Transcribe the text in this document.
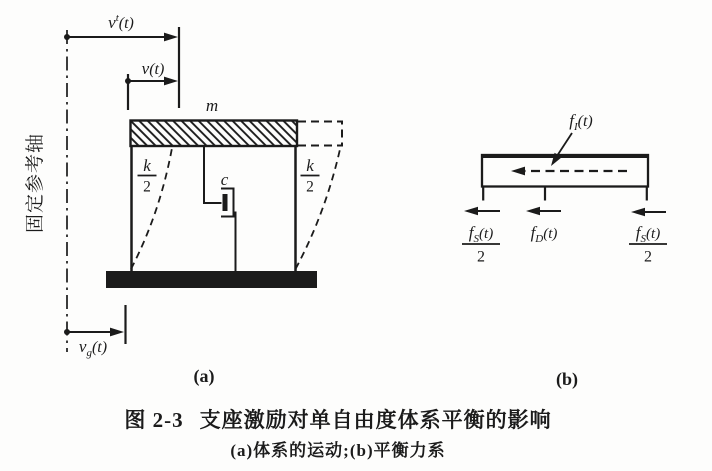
固定参考轴
$v^t(t)$
v(t)
m
k
2
k
2
c
$v_g(t)$
(a)
$f_I(t)$
$f_S(t)$
2
$f_D(t)$	$f_S(t)$
2
(b)
图 2-3 支座激励对单自由度体系平衡的影响
(a)体系的运动;(b)平衡力系
